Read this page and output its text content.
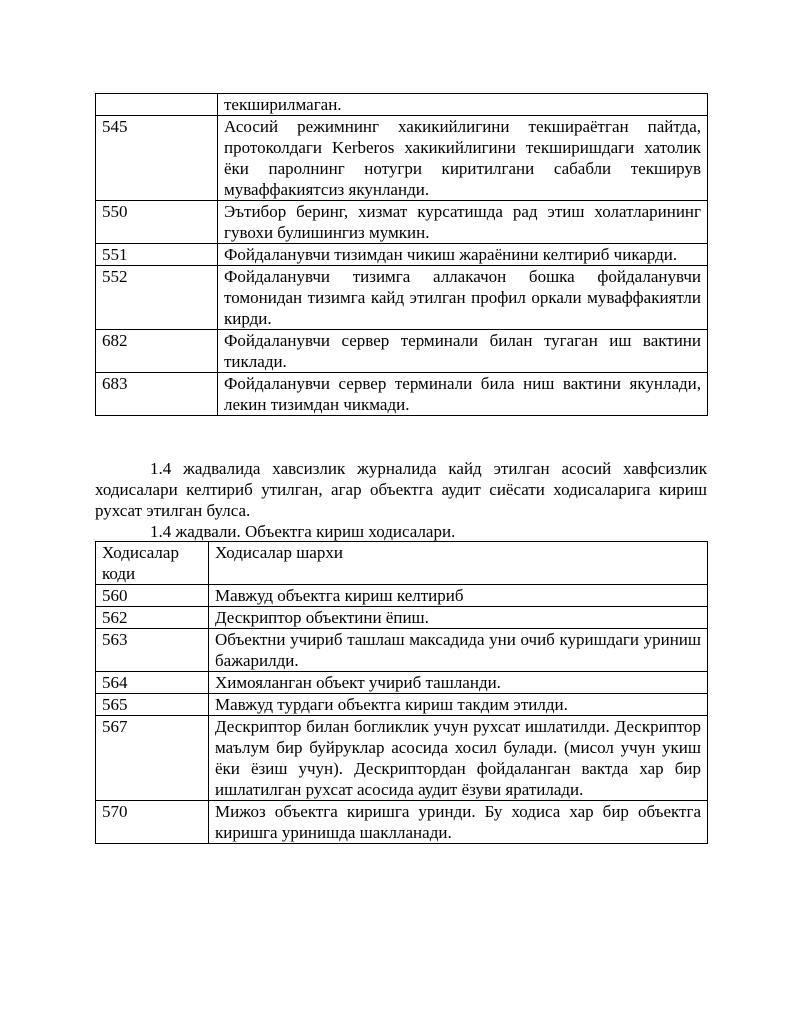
	текширилмаган.
545	Асосий режимнинг хакикийлигини текшираётган пайтда, протоколдаги Kerberos хакикийлигини текширишдаги хатолик ёки паролнинг нотугри киритилгани сабабли текширув муваффакиятсиз якунланди.
550	Эътибор беринг, хизмат курсатишда рад этиш холатларининг гувохи булишингиз мумкин.
551	Фойдаланувчи тизимдан чикиш жараёнини келтириб чикарди.
552	Фойдаланувчи тизимга аллакачон бошка фойдаланувчи томонидан тизимга кайд этилган профил оркали муваффакиятли кирди.
682	Фойдаланувчи сервер терминали билан тугаган иш вактини тиклади.
683	Фойдаланувчи сервер терминали била ниш вактини якунлади, лекин тизимдан чикмади.

1.4 жадвалида хавсизлик журналида кайд этилган асосий хавфсизлик ходисалари келтириб утилган, агар объектга аудит сиёсати ходисаларига кириш рухсат этилган булса.

1.4 жадвали. Объектга кириш ходисалари.

Ходисалар коди	Ходисалар шархи
560	Мавжуд объектга кириш келтириб
562	Дескриптор объектини ёпиш.
563	Объектни учириб ташлаш максадида уни очиб куришдаги уриниш бажарилди.
564	Химояланган объект учириб ташланди.
565	Мавжуд турдаги объектга кириш такдим этилди.
567	Дескриптор билан богликлик учун рухсат ишлатилди. Дескриптор маълум бир буйруклар асосида хосил булади. (мисол учун укиш ёки ёзиш учун). Дескриптордан фойдаланган вактда хар бир ишлатилган рухсат асосида аудит ёзуви яратилади.
570	Мижоз объектга киришга уринди. Бу ходиса хар бир объектга киришга уринишда шаклланади.
